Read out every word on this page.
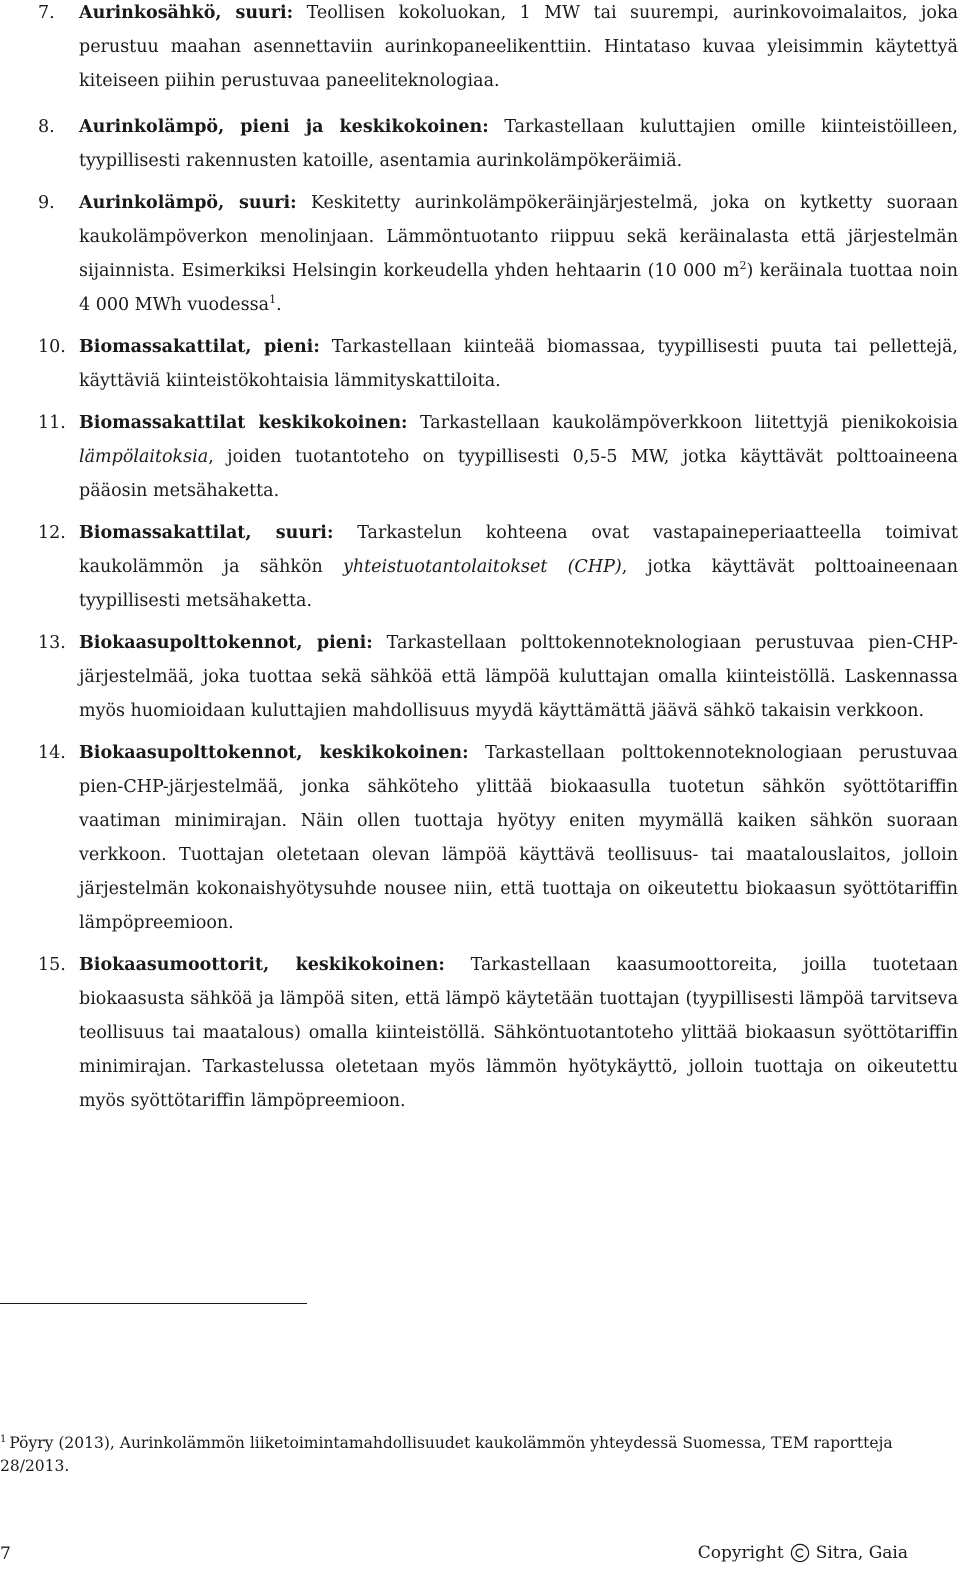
7.	Aurinkosähkö, suuri: Teollisen kokoluokan, 1 MW tai suurempi, aurinkovoimalaitos, joka perustuu maahan asennettaviin aurinkopaneelikenttiin. Hintataso kuvaa yleisimmin käytettyä kiteiseen piihin perustuvaa paneeliteknologiaa.
8.	Aurinkolämpö, pieni ja keskikokoinen: Tarkastellaan kuluttajien omille kiinteistöilleen, tyypillisesti rakennusten katoille, asentamia aurinkolämpökeräimiä.
9.	Aurinkolämpö, suuri: Keskitetty aurinkolämpökeräinjärjestelmä, joka on kytketty suoraan kaukolämpöverkon menolinjaan. Lämmöntuotanto riippuu sekä keräinalasta että järjestelmän sijainnista. Esimerkiksi Helsingin korkeudella yhden hehtaarin (10 000 $m^2$) keräinala tuottaa noin 4 000 MWh vuodessa$^1$.
10. Biomassakattilat, pieni: Tarkastellaan kiinteää biomassaa, tyypillisesti puuta tai pellettejä, käyttäviä kiinteistökohtaisia lämmityskattiloita.
11. Biomassakattilat keskikokoinen: Tarkastellaan kaukolämpöverkkoon liitettyjä pienikokoisia lämpölaitoksia, joiden tuotantoteho on tyypillisesti 0,5-5 MW, jotka käyttävät polttoaineena pääosin metsähaketta.
12. Biomassakattilat, suuri: Tarkastelun kohteena ovat vastapaineperiaatteella toimivat kaukolämmön ja sähkön yhteistuotantolaitokset (CHP), jotka käyttävät polttoaineenaan tyypillisesti metsähaketta.
13. Biokaasupolttokennot, pieni: Tarkastellaan polttokennoteknologiaan perustuvaa pien-CHP-järjestelmää, joka tuottaa sekä sähköä että lämpöä kuluttajan omalla kiinteistöllä. Laskennassa myös huomioidaan kuluttajien mahdollisuus myydä käyttämättä jäävä sähkö takaisin verkkoon.
14. Biokaasupolttokennot, keskikokoinen: Tarkastellaan polttokennoteknologiaan perustuvaa pien-CHP-järjestelmää, jonka sähköteho ylittää biokaasulla tuotetun sähkön syöttötariffin vaatiman minimirajan. Näin ollen tuottaja hyötyy eniten myymällä kaiken sähkön suoraan verkkoon. Tuottajan oletetaan olevan lämpöä käyttävä teollisuus- tai maatalouslaitos, jolloin järjestelmän kokonaishyötysuhde nousee niin, että tuottaja on oikeutettu biokaasun syöttötariffin lämpöpreemioon.
15. Biokaasumoottorit, keskikokoinen: Tarkastellaan kaasumoottoreita, joilla tuotetaan biokaasusta sähköä ja lämpöä siten, että lämpö käytetään tuottajan (tyypillisesti lämpöä tarvitseva teollisuus tai maatalous) omalla kiinteistöllä. Sähköntuotantoteho ylittää biokaasun syöttötariffin minimirajan. Tarkastelussa oletetaan myös lämmön hyötykäyttö, jolloin tuottaja on oikeutettu myös syöttötariffin lämpöpreemioon.
$^1$ Pöyry (2013), Aurinkolämmön liiketoimintamahdollisuudet kaukolämmön yhteydessä Suomessa, TEM raportteja 28/2013.
7	Copyright Sitra, Gaia
